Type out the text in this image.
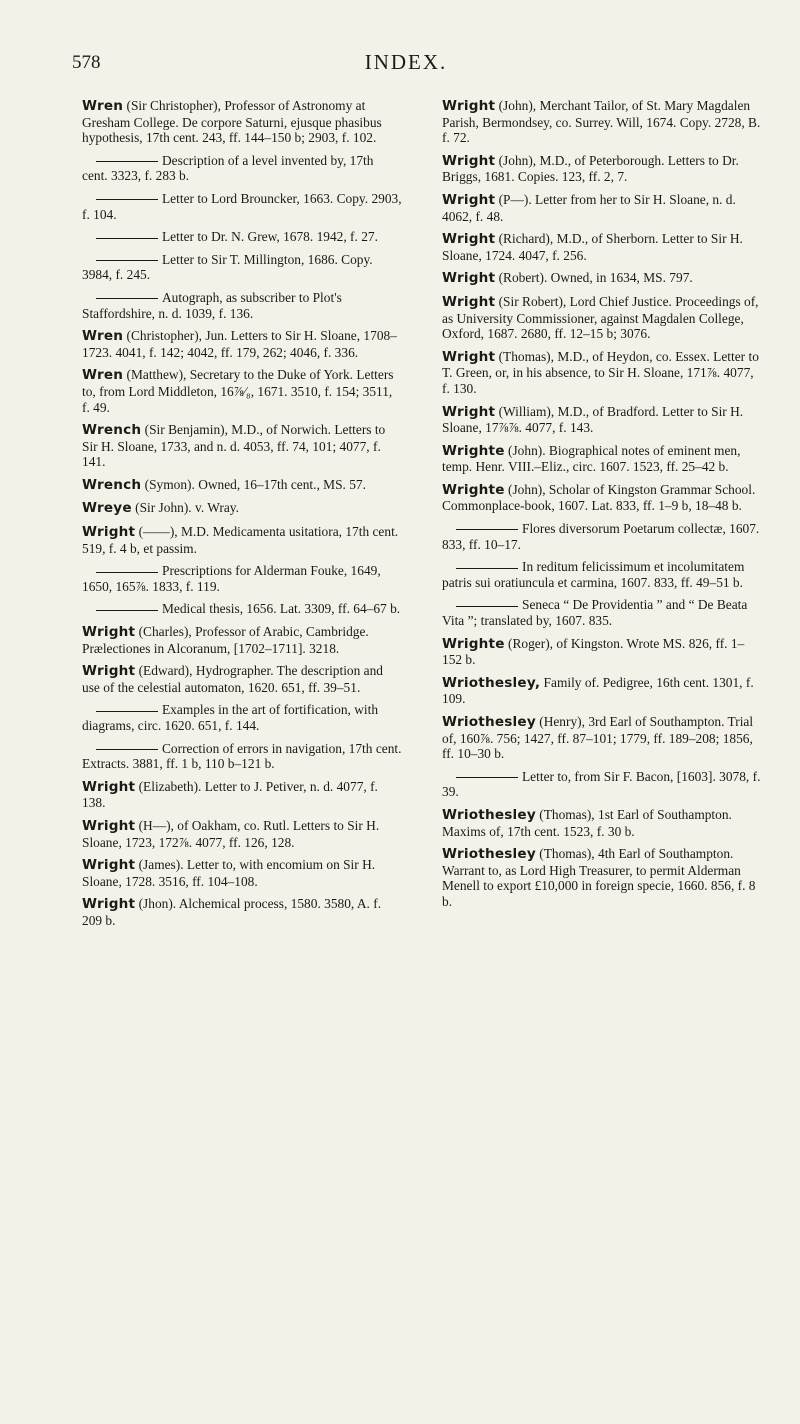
578	INDEX.

Wren (Sir Christopher), Professor of Astronomy at Gresham College. De corpore Saturni, ejusque phasibus hypothesis, 17th cent. 243, ff. 144–150 b; 2903, f. 102.

Description of a level invented by, 17th cent. 3323, f. 283 b.

Letter to Lord Brouncker, 1663. Copy. 2903, f. 104.

Letter to Dr. N. Grew, 1678. 1942, f. 27.

Letter to Sir T. Millington, 1686. Copy. 3984, f. 245.

Autograph, as subscriber to Plot's Staffordshire, n. d. 1039, f. 136.

Wren (Christopher), Jun. Letters to Sir H. Sloane, 1708–1723. 4041, f. 142; 4042, ff. 179, 262; 4046, f. 336.

Wren (Matthew), Secretary to the Duke of York. Letters to, from Lord Middleton, 16⅞⁄₈, 1671. 3510, f. 154; 3511, f. 49.

Wrench (Sir Benjamin), M.D., of Norwich. Letters to Sir H. Sloane, 1733, and n. d. 4053, ff. 74, 101; 4077, f. 141.

Wrench (Symon). Owned, 16–17th cent., MS. 57.

Wreye (Sir John). v. Wray.

Wright (——), M.D. Medicamenta usitatiora, 17th cent. 519, f. 4 b, et passim.

Prescriptions for Alderman Fouke, 1649, 1650, 165⅞. 1833, f. 119.

Medical thesis, 1656. Lat. 3309, ff. 64–67 b.

Wright (Charles), Professor of Arabic, Cambridge. Prælectiones in Alcoranum, [1702–1711]. 3218.

Wright (Edward), Hydrographer. The description and use of the celestial automaton, 1620. 651, ff. 39–51.

Examples in the art of fortification, with diagrams, circ. 1620. 651, f. 144.

Correction of errors in navigation, 17th cent. Extracts. 3881, ff. 1 b, 110 b–121 b.

Wright (Elizabeth). Letter to J. Petiver, n. d. 4077, f. 138.

Wright (H—), of Oakham, co. Rutl. Letters to Sir H. Sloane, 1723, 172⅞. 4077, ff. 126, 128.

Wright (James). Letter to, with encomium on Sir H. Sloane, 1728. 3516, ff. 104–108.

Wright (Jhon). Alchemical process, 1580. 3580, A. f. 209 b.

Wright (John), Merchant Tailor, of St. Mary Magdalen Parish, Bermondsey, co. Surrey. Will, 1674. Copy. 2728, B. f. 72.

Wright (John), M.D., of Peterborough. Letters to Dr. Briggs, 1681. Copies. 123, ff. 2, 7.

Wright (P—). Letter from her to Sir H. Sloane, n. d. 4062, f. 48.

Wright (Richard), M.D., of Sherborn. Letter to Sir H. Sloane, 1724. 4047, f. 256.

Wright (Robert). Owned, in 1634, MS. 797.

Wright (Sir Robert), Lord Chief Justice. Proceedings of, as University Commissioner, against Magdalen College, Oxford, 1687. 2680, ff. 12–15 b; 3076.

Wright (Thomas), M.D., of Heydon, co. Essex. Letter to T. Green, or, in his absence, to Sir H. Sloane, 171⅞. 4077, f. 130.

Wright (William), M.D., of Bradford. Letter to Sir H. Sloane, 17⅞⅞. 4077, f. 143.

Wrighte (John). Biographical notes of eminent men, temp. Henr. VIII.–Eliz., circ. 1607. 1523, ff. 25–42 b.

Wrighte (John), Scholar of Kingston Grammar School. Commonplace-book, 1607. Lat. 833, ff. 1–9 b, 18–48 b.

Flores diversorum Poetarum collectæ, 1607. 833, ff. 10–17.

In reditum felicissimum et incolumitatem patris sui oratiuncula et carmina, 1607. 833, ff. 49–51 b.

Seneca “ De Providentia ” and “ De Beata Vita ”; translated by, 1607. 835.

Wrighte (Roger), of Kingston. Wrote MS. 826, ff. 1–152 b.

Wriothesley, Family of. Pedigree, 16th cent. 1301, f. 109.

Wriothesley (Henry), 3rd Earl of Southampton. Trial of, 160⅞. 756; 1427, ff. 87–101; 1779, ff. 189–208; 1856, ff. 10–30 b.

Letter to, from Sir F. Bacon, [1603]. 3078, f. 39.

Wriothesley (Thomas), 1st Earl of Southampton. Maxims of, 17th cent. 1523, f. 30 b.

Wriothesley (Thomas), 4th Earl of Southampton. Warrant to, as Lord High Treasurer, to permit Alderman Menell to export £10,000 in foreign specie, 1660. 856, f. 8 b.
